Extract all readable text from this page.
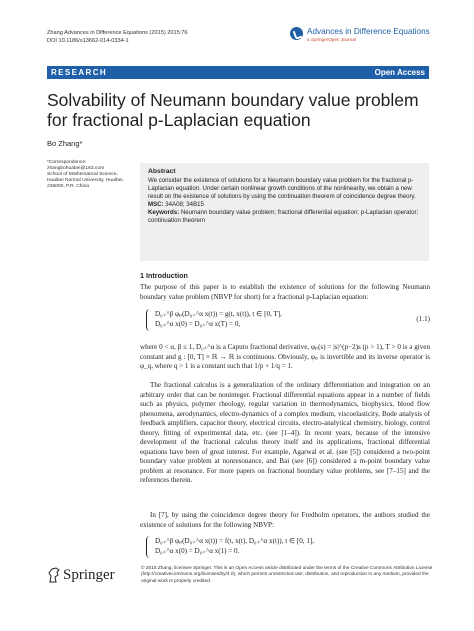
Zhang Advances in Difference Equations (2015) 2015:76
DOI 10.1186/s13662-014-0334-1
Advances in Difference Equations
a SpringerOpen Journal
RESEARCH	Open Access
Solvability of Neumann boundary value problem for fractional p-Laplacian equation
Bo Zhang*
*Correspondence:
zhangbohuabei@163.com
School of Mathematical Science,
Huaibei Normal University, Huaibei,
235000, P.R. China
Abstract
We consider the existence of solutions for a Neumann boundary value problem for the fractional p-Laplacian equation. Under certain nonlinear growth conditions of the nonlinearity, we obtain a new result on the existence of solutions by using the continuation theorem of coincidence degree theory.
MSC: 34A08; 34B15
Keywords: Neumann boundary value problem; fractional differential equation; p-Laplacian operator; continuation theorem
1 Introduction
The purpose of this paper is to establish the existence of solutions for the following Neumann boundary value problem (NBVP for short) for a fractional p-Laplacian equation:
D₀₊^β φₚ(D₀₊^α x(t)) = g(t, x(t)), t ∈ [0, T],
D₀₊^α x(0) = D₀₊^α x(T) = 0,
(1.1)
where 0 < α, β ≤ 1, D₀₊^α is a Caputo fractional derivative, φₚ(s) = |s|^(p−2)s (p > 1), T > 0 is a given constant and g : [0, T] × ℝ → ℝ is continuous. Obviously, φₚ is invertible and its inverse operator is φ_q, where q > 1 is a constant such that 1/p + 1/q = 1.
The fractional calculus is a generalization of the ordinary differentiation and integration on an arbitrary order that can be noninteger. Fractional differential equations appear in a number of fields such as physics, polymer rheology, regular variation in thermodynamics, biophysics, blood flow phenomena, aerodynamics, electro-dynamics of a complex medium, viscoelasticity, Bode analysis of feedback amplifiers, capacitor theory, electrical circuits, electro-analytical chemistry, biology, control theory, fitting of experimental data, etc. (see [1–4]). In recent years, because of the intensive development of the fractional calculus theory itself and its applications, fractional differential equations have been of great interest. For example, Agarwal et al. (see [5]) considered a two-point boundary value problem at nonresonance, and Bai (see [6]) considered a m-point boundary value problem at resonance. For more papers on fractional boundary value problems, see [7–15] and the references therein.
In [7], by using the coincidence degree theory for Fredholm operators, the authors studied the existence of solutions for the following NBVP:
D₀₊^β φₚ(D₀₊^α x(t)) = f(t, x(t), D₀₊^α x(t)), t ∈ [0, 1],
D₀₊^α x(0) = D₀₊^α x(1) = 0.
Springer	© 2015 Zhang; licensee Springer. This is an Open Access article distributed under the terms of the Creative Commons Attribution License (http://creativecommons.org/licenses/by/4.0), which permits unrestricted use, distribution, and reproduction in any medium, provided the original work is properly credited.
